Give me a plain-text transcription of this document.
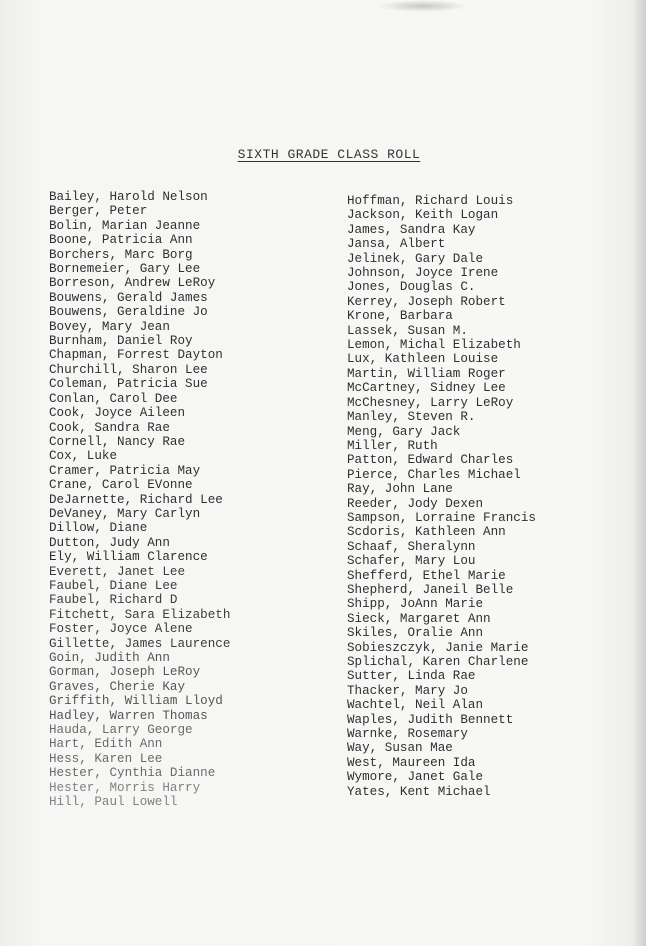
SIXTH GRADE CLASS ROLL
Bailey, Harold Nelson
Berger, Peter
Bolin, Marian Jeanne
Boone, Patricia Ann
Borchers, Marc Borg
Bornemeier, Gary Lee
Borreson, Andrew LeRoy
Bouwens, Gerald James
Bouwens, Geraldine Jo
Bovey, Mary Jean
Burnham, Daniel Roy
Chapman, Forrest Dayton
Churchill, Sharon Lee
Coleman, Patricia Sue
Conlan, Carol Dee
Cook, Joyce Aileen
Cook, Sandra Rae
Cornell, Nancy Rae
Cox, Luke
Cramer, Patricia May
Crane, Carol EVonne
DeJarnette, Richard Lee
DeVaney, Mary Carlyn
Dillow, Diane
Dutton, Judy Ann
Ely, William Clarence
Everett, Janet Lee
Faubel, Diane Lee
Faubel, Richard D
Fitchett, Sara Elizabeth
Foster, Joyce Alene
Gillette, James Laurence
Goin, Judith Ann
Gorman, Joseph LeRoy
Graves, Cherie Kay
Griffith, William Lloyd
Hadley, Warren Thomas
Hauda, Larry George
Hart, Edith Ann
Hess, Karen Lee
Hester, Cynthia Dianne
Hester, Morris Harry
Hill, Paul Lowell
Hoffman, Richard Louis
Jackson, Keith Logan
James, Sandra Kay
Jansa, Albert
Jelinek, Gary Dale
Johnson, Joyce Irene
Jones, Douglas C.
Kerrey, Joseph Robert
Krone, Barbara
Lassek, Susan M.
Lemon, Michal Elizabeth
Lux, Kathleen Louise
Martin, William Roger
McCartney, Sidney Lee
McChesney, Larry LeRoy
Manley, Steven R.
Meng, Gary Jack
Miller, Ruth
Patton, Edward Charles
Pierce, Charles Michael
Ray, John Lane
Reeder, Jody Dexen
Sampson, Lorraine Francis
Scdoris, Kathleen Ann
Schaaf, Sheralynn
Schafer, Mary Lou
Shefferd, Ethel Marie
Shepherd, Janeil Belle
Shipp, JoAnn Marie
Sieck, Margaret Ann
Skiles, Oralie Ann
Sobieszczyk, Janie Marie
Splichal, Karen Charlene
Sutter, Linda Rae
Thacker, Mary Jo
Wachtel, Neil Alan
Waples, Judith Bennett
Warnke, Rosemary
Way, Susan Mae
West, Maureen Ida
Wymore, Janet Gale
Yates, Kent Michael
